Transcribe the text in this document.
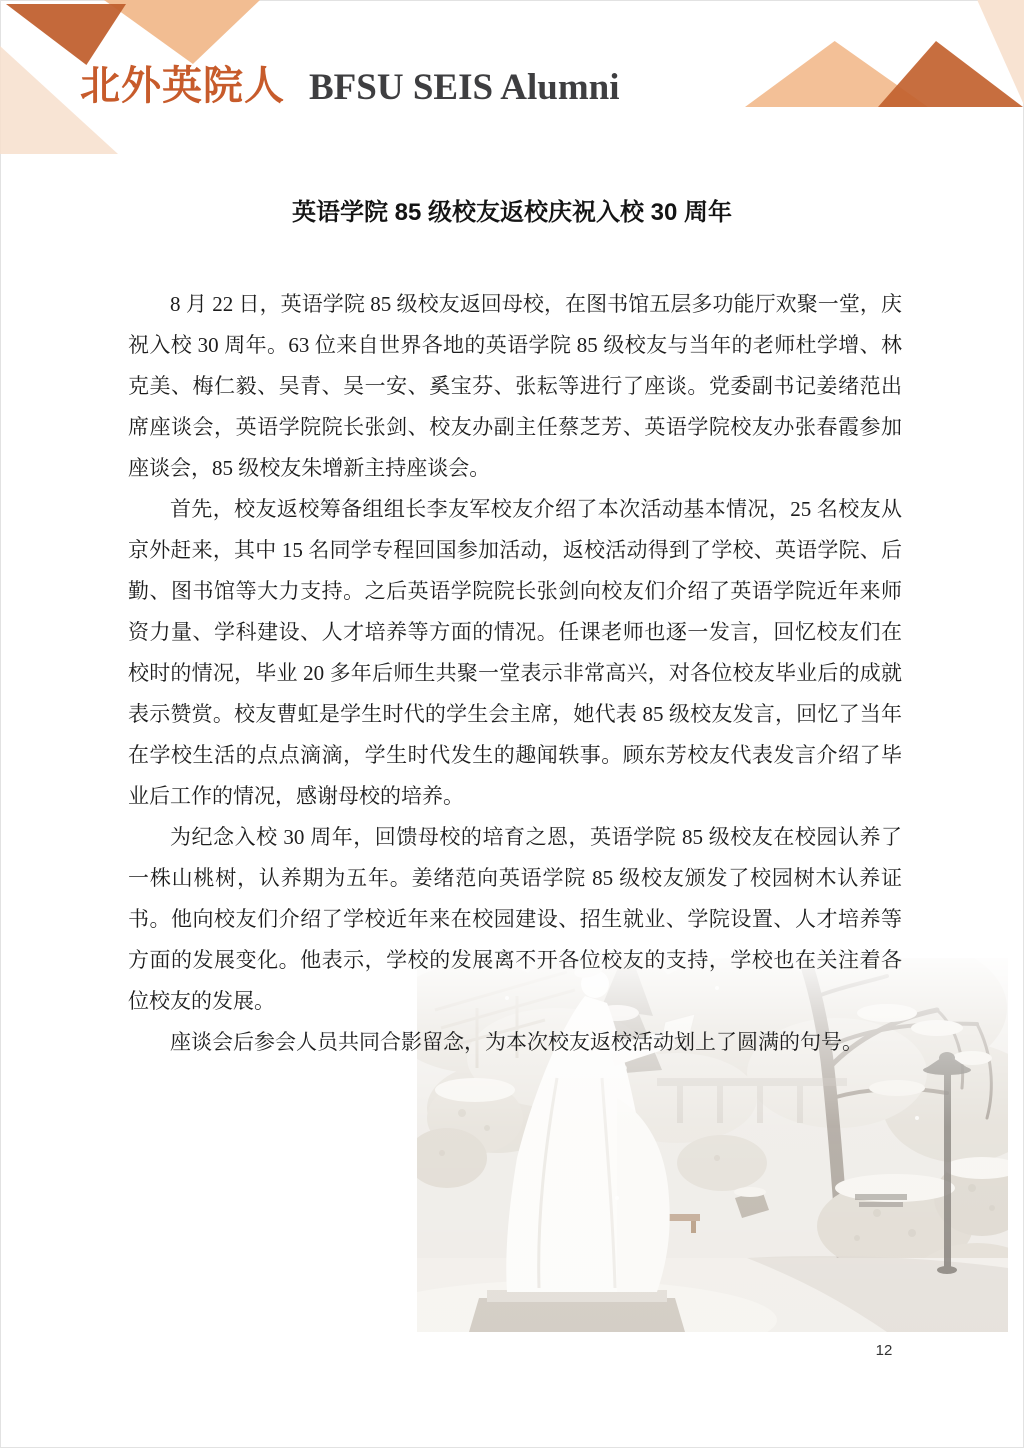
北外英院人 BFSU SEIS Alumni
英语学院 85 级校友返校庆祝入校 30 周年

8 月 22 日，英语学院 85 级校友返回母校，在图书馆五层多功能厅欢聚一堂，庆祝入校 30 周年。63 位来自世界各地的英语学院 85 级校友与当年的老师杜学增、林克美、梅仁毅、吴青、吴一安、奚宝芬、张耘等进行了座谈。党委副书记姜绪范出席座谈会，英语学院院长张剑、校友办副主任蔡芝芳、英语学院校友办张春霞参加座谈会，85 级校友朱增新主持座谈会。

首先，校友返校筹备组组长李友军校友介绍了本次活动基本情况，25 名校友从京外赶来，其中 15 名同学专程回国参加活动，返校活动得到了学校、英语学院、后勤、图书馆等大力支持。之后英语学院院长张剑向校友们介绍了英语学院近年来师资力量、学科建设、人才培养等方面的情况。任课老师也逐一发言，回忆校友们在校时的情况，毕业 20 多年后师生共聚一堂表示非常高兴，对各位校友毕业后的成就表示赞赏。校友曹虹是学生时代的学生会主席，她代表 85 级校友发言，回忆了当年在学校生活的点点滴滴，学生时代发生的趣闻轶事。顾东芳校友代表发言介绍了毕业后工作的情况，感谢母校的培养。

为纪念入校 30 周年，回馈母校的培育之恩，英语学院 85 级校友在校园认养了一株山桃树，认养期为五年。姜绪范向英语学院 85 级校友颁发了校园树木认养证书。他向校友们介绍了学校近年来在校园建设、招生就业、学院设置、人才培养等方面的发展变化。他表示，学校的发展离不开各位校友的支持，学校也在关注着各位校友的发展。

座谈会后参会人员共同合影留念，为本次校友返校活动划上了圆满的句号。

12
